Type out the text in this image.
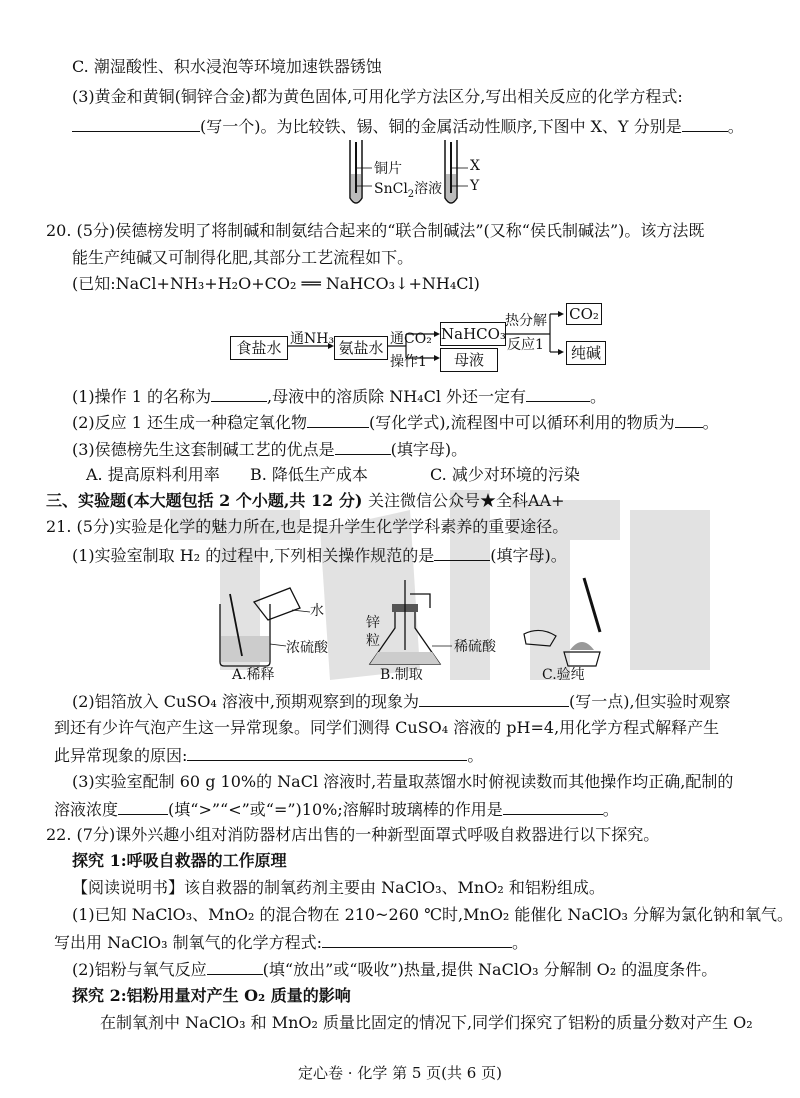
C. 潮湿酸性、积水浸泡等环境加速铁器锈蚀
(3)黄金和黄铜(铜锌合金)都为黄色固体,可用化学方法区分,写出相关反应的化学方程式:
(写一个)。为比较铁、锡、铜的金属活动性顺序,下图中 X、Y 分别是	。
铜片
SnCl$_2$溶液
X
Y
20. (5分)侯德榜发明了将制碱和制氨结合起来的“联合制碱法”(又称“侯氏制碱法”)。该方法既
能生产纯碱又可制得化肥,其部分工艺流程如下。
(已知:NaCl+NH₃+H₂O+CO₂ ══ NaHCO₃↓+NH₄Cl)
食盐水 通NH₃ 氨盐水 通CO₂
操作1
NaHCO₃
母液
热分解
反应1
CO₂
纯碱
(1)操作 1 的名称为	,母液中的溶质除 NH₄Cl 外还一定有	。
(2)反应 1 还生成一种稳定氧化物	(写化学式),流程图中可以循环利用的物质为 。
(3)侯德榜先生这套制碱工艺的优点是	(填字母)。
A. 提高原料利用率 B. 降低生产成本	C. 减少对环境的污染
三、实验题(本大题包括 2 个小题,共 12 分) 关注微信公众号★全科AA+
21. (5分)实验是化学的魅力所在,也是提升学生化学学科素养的重要途径。
(1)实验室制取 H₂ 的过程中,下列相关操作规范的是	(填字母)。
水
浓硫酸
A.稀释
锌
粒	稀硫酸
B.制取	C.验纯
(2)铝箔放入 CuSO₄ 溶液中,预期观察到的现象为	(写一点),但实验时观察
到还有少许气泡产生这一异常现象。同学们测得 CuSO₄ 溶液的 pH=4,用化学方程式解释产生
此异常现象的原因:	。
(3)实验室配制 60 g 10%的 NaCl 溶液时,若量取蒸馏水时俯视读数而其他操作均正确,配制的
溶液浓度	(填“>”“<”或“=”)10%;溶解时玻璃棒的作用是	。
22. (7分)课外兴趣小组对消防器材店出售的一种新型面罩式呼吸自救器进行以下探究。
探究 1:呼吸自救器的工作原理
【阅读说明书】该自救器的制氧药剂主要由 NaClO₃、MnO₂ 和铝粉组成。
(1)已知 NaClO₃、MnO₂ 的混合物在 210~260 ℃时,MnO₂ 能催化 NaClO₃ 分解为氯化钠和氧气。
写出用 NaClO₃ 制氧气的化学方程式:	。
(2)铝粉与氧气反应	(填“放出”或“吸收”)热量,提供 NaClO₃ 分解制 O₂ 的温度条件。
探究 2:铝粉用量对产生 O₂ 质量的影响
在制氧剂中 NaClO₃ 和 MnO₂ 质量比固定的情况下,同学们探究了铝粉的质量分数对产生 O₂
定心卷 · 化学 第 5 页(共 6 页)
